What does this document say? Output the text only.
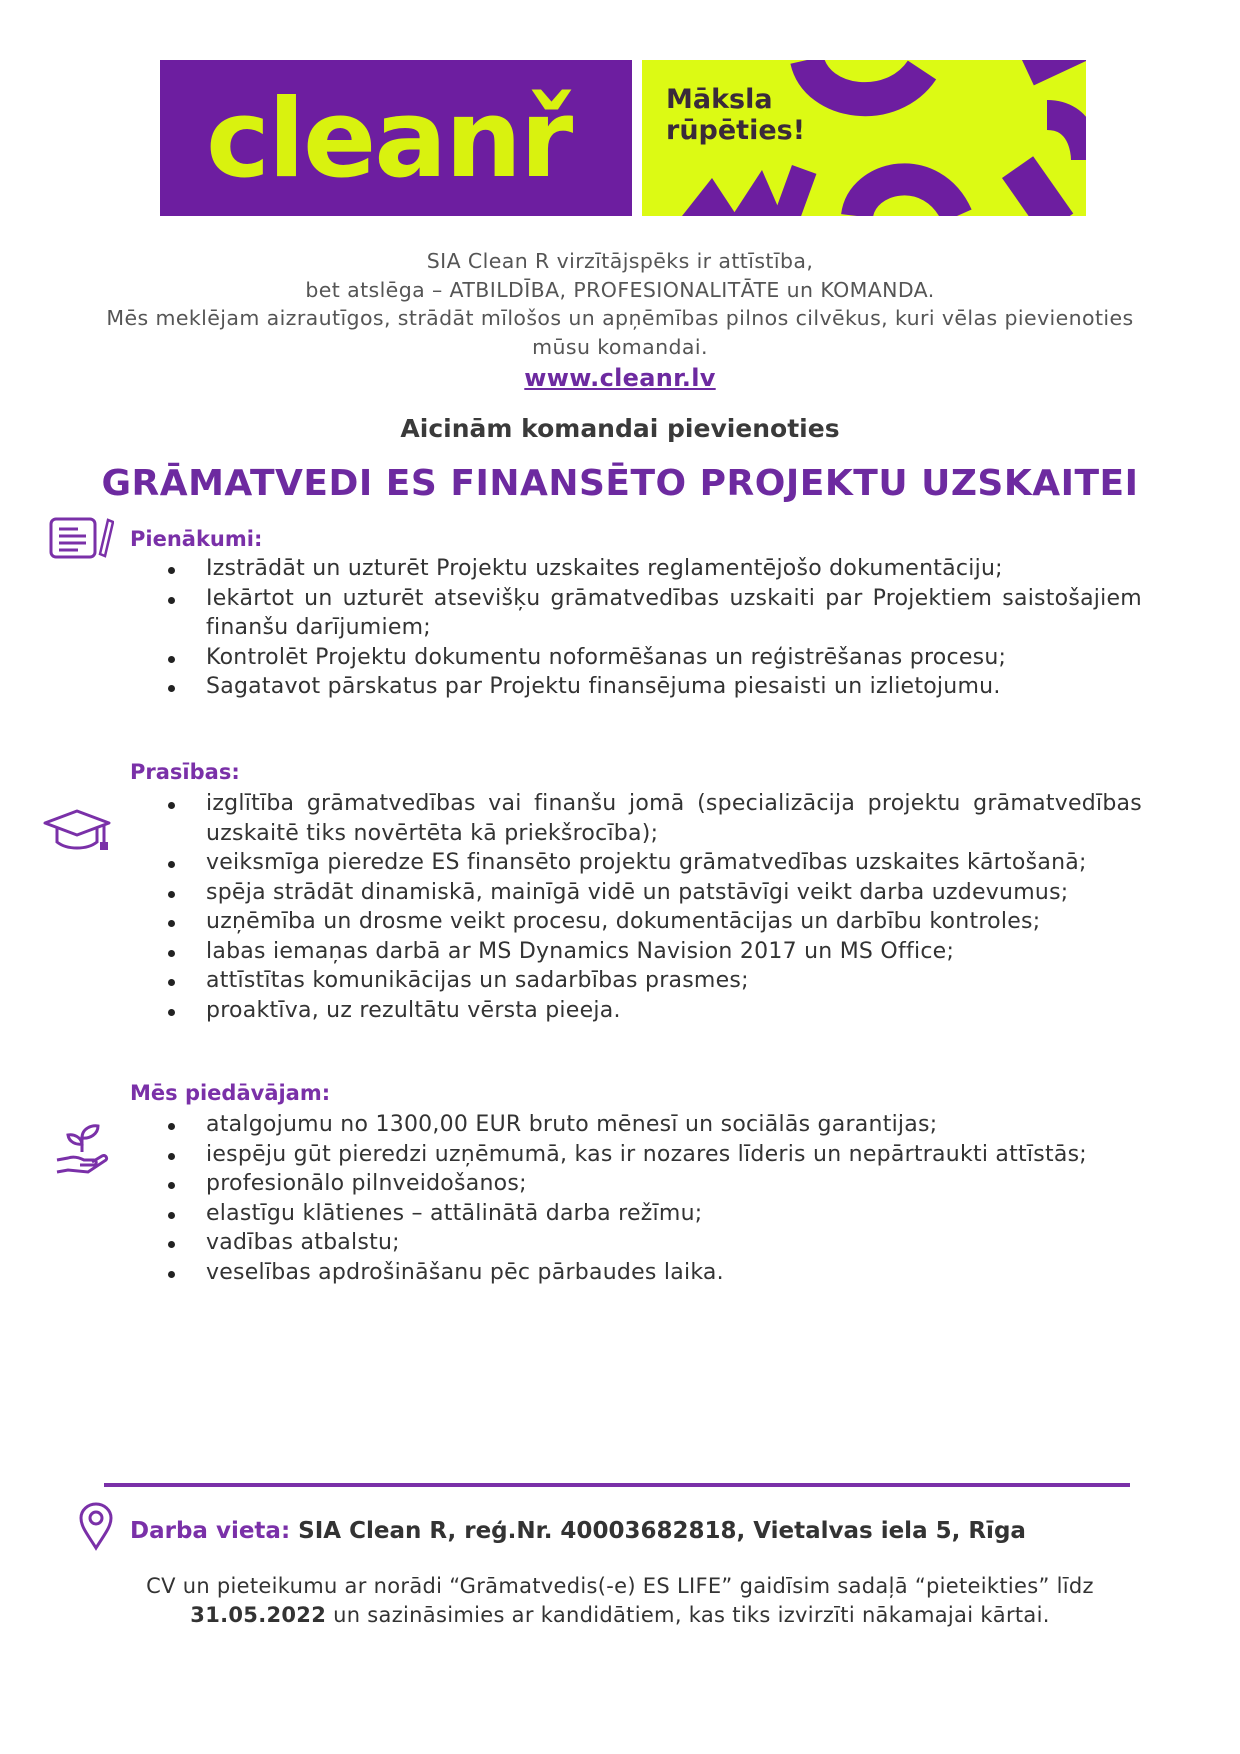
cleanř	Māksla
rūpēties!
SIA Clean R virzītājspēks ir attīstība,
bet atslēga – ATBILDĪBA, PROFESIONALITĀTE un KOMANDA.
Mēs meklējam aizrautīgos, strādāt mīlošos un apņēmības pilnos cilvēkus, kuri vēlas pievienoties mūsu komandai.
www.cleanr.lv
Aicinām komandai pievienoties
GRĀMATVEDI ES FINANSĒTO PROJEKTU UZSKAITEI
Pienākumi:
Izstrādāt un uzturēt Projektu uzskaites reglamentējošo dokumentāciju;
Iekārtot un uzturēt atsevišķu grāmatvedības uzskaiti par Projektiem saistošajiem finanšu darījumiem;
Kontrolēt Projektu dokumentu noformēšanas un reģistrēšanas procesu;
Sagatavot pārskatus par Projektu finansējuma piesaisti un izlietojumu.
Prasības:
izglītība grāmatvedības vai finanšu jomā (specializācija projektu grāmatvedības uzskaitē tiks novērtēta kā priekšrocība);
veiksmīga pieredze ES finansēto projektu grāmatvedības uzskaites kārtošanā;
spēja strādāt dinamiskā, mainīgā vidē un patstāvīgi veikt darba uzdevumus;
uzņēmība un drosme veikt procesu, dokumentācijas un darbību kontroles;
labas iemaņas darbā ar MS Dynamics Navision 2017 un MS Office;
attīstītas komunikācijas un sadarbības prasmes;
proaktīva, uz rezultātu vērsta pieeja.
Mēs piedāvājam:
atalgojumu no 1300,00 EUR bruto mēnesī un sociālās garantijas;
iespēju gūt pieredzi uzņēmumā, kas ir nozares līderis un nepārtraukti attīstās;
profesionālo pilnveidošanos;
elastīgu klātienes – attālinātā darba režīmu;
vadības atbalstu;
veselības apdrošināšanu pēc pārbaudes laika.
Darba vieta: SIA Clean R, reģ.Nr. 40003682818, Vietalvas iela 5, Rīga
CV un pieteikumu ar norādi “Grāmatvedis(-e) ES LIFE” gaidīsim sadaļā “pieteikties” līdz 31.05.2022 un sazināsimies ar kandidātiem, kas tiks izvirzīti nākamajai kārtai.
